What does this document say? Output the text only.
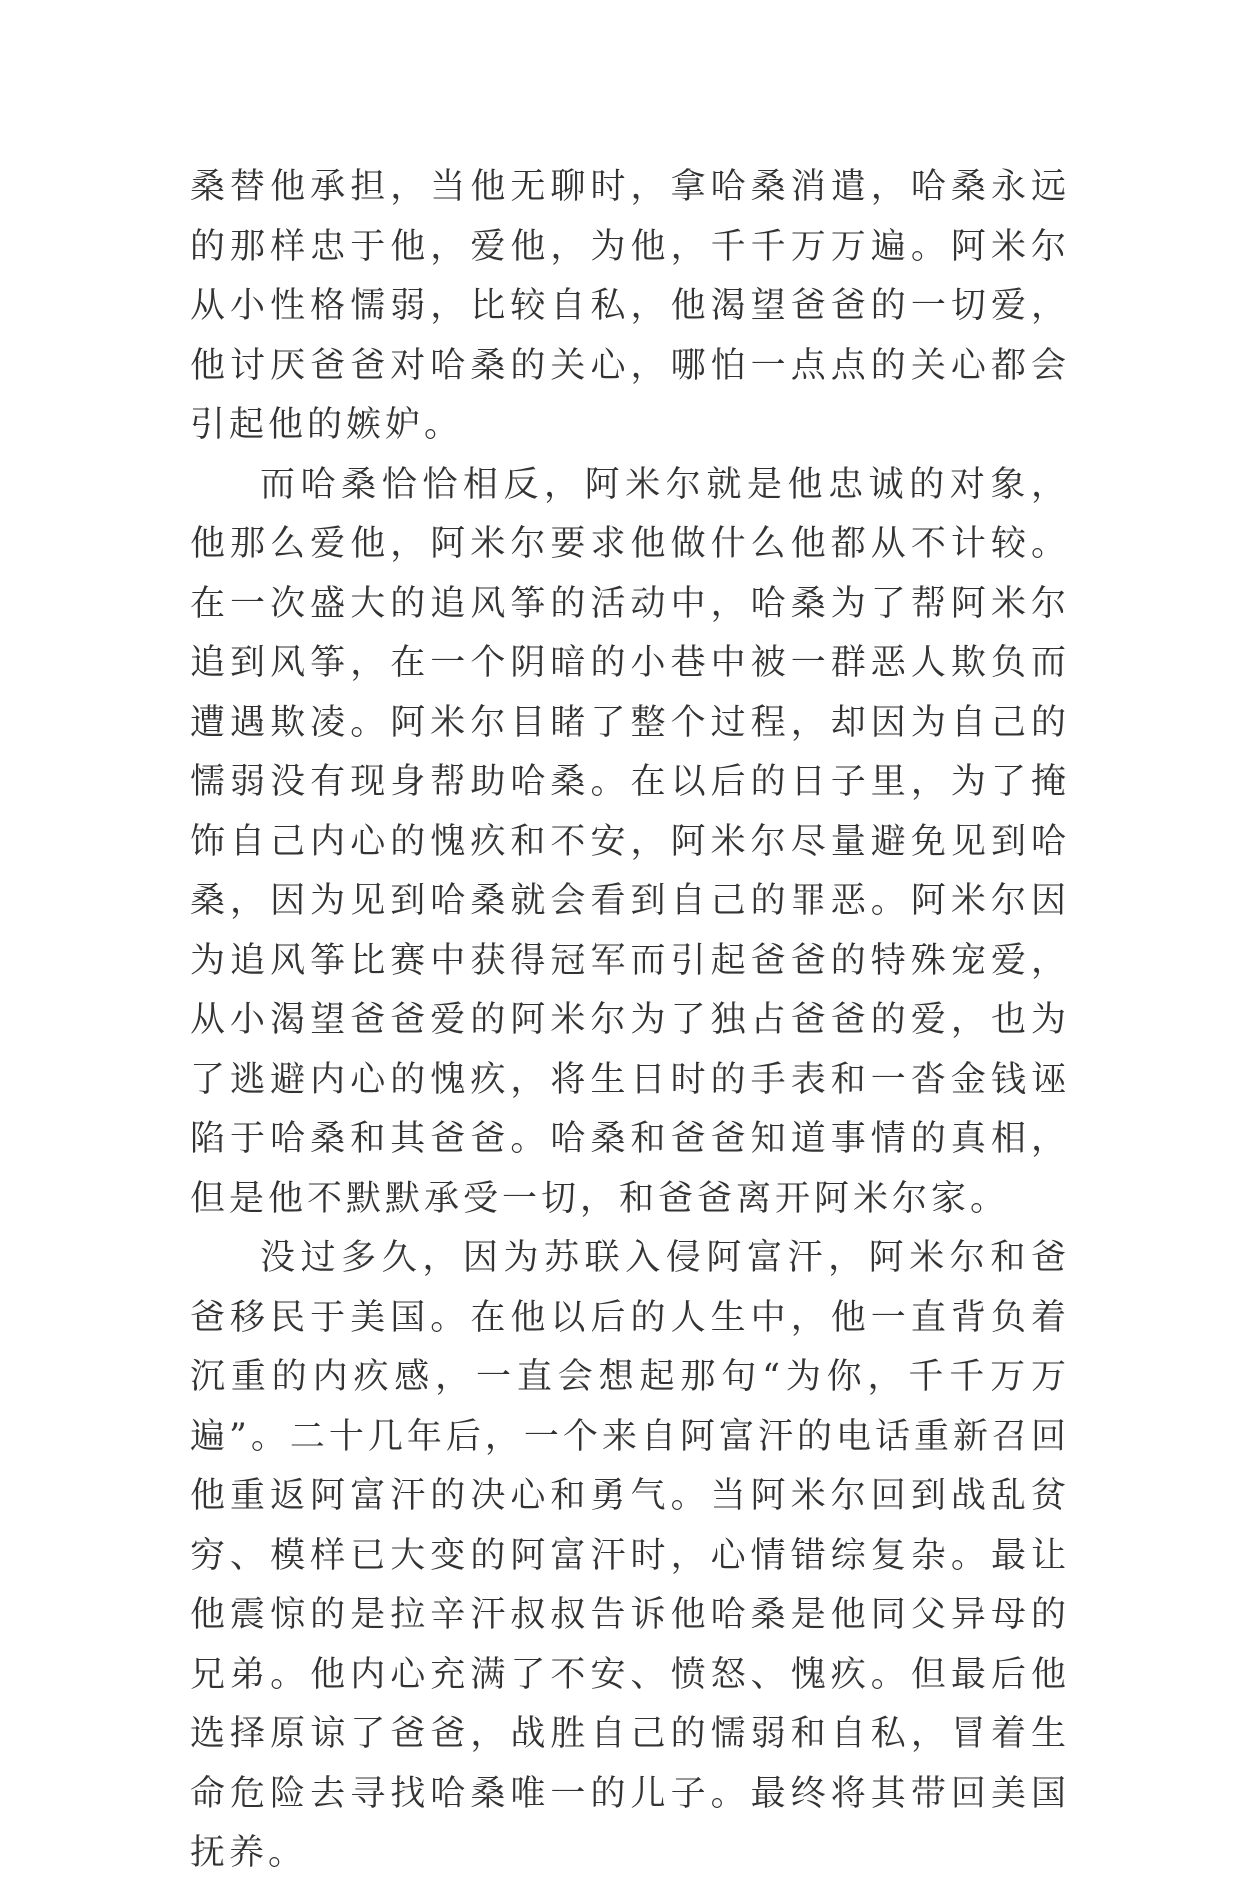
桑替他承担，当他无聊时，拿哈桑消遣，哈桑永远的那样忠于他，爱他，为他，千千万万遍。阿米尔从小性格懦弱，比较自私，他渴望爸爸的一切爱，他讨厌爸爸对哈桑的关心，哪怕一点点的关心都会引起他的嫉妒。

而哈桑恰恰相反，阿米尔就是他忠诚的对象，他那么爱他，阿米尔要求他做什么他都从不计较。在一次盛大的追风筝的活动中，哈桑为了帮阿米尔追到风筝，在一个阴暗的小巷中被一群恶人欺负而遭遇欺凌。阿米尔目睹了整个过程，却因为自己的懦弱没有现身帮助哈桑。在以后的日子里，为了掩饰自己内心的愧疚和不安，阿米尔尽量避免见到哈桑，因为见到哈桑就会看到自己的罪恶。阿米尔因为追风筝比赛中获得冠军而引起爸爸的特殊宠爱，从小渴望爸爸爱的阿米尔为了独占爸爸的爱，也为了逃避内心的愧疚，将生日时的手表和一沓金钱诬陷于哈桑和其爸爸。哈桑和爸爸知道事情的真相，但是他不默默承受一切，和爸爸离开阿米尔家。

没过多久，因为苏联入侵阿富汗，阿米尔和爸爸移民于美国。在他以后的人生中，他一直背负着沉重的内疚感，一直会想起那句“为你，千千万万遍”。二十几年后，一个来自阿富汗的电话重新召回他重返阿富汗的决心和勇气。当阿米尔回到战乱贫穷、模样已大变的阿富汗时，心情错综复杂。最让他震惊的是拉辛汗叔叔告诉他哈桑是他同父异母的兄弟。他内心充满了不安、愤怒、愧疚。但最后他选择原谅了爸爸，战胜自己的懦弱和自私，冒着生命危险去寻找哈桑唯一的儿子。最终将其带回美国抚养。
